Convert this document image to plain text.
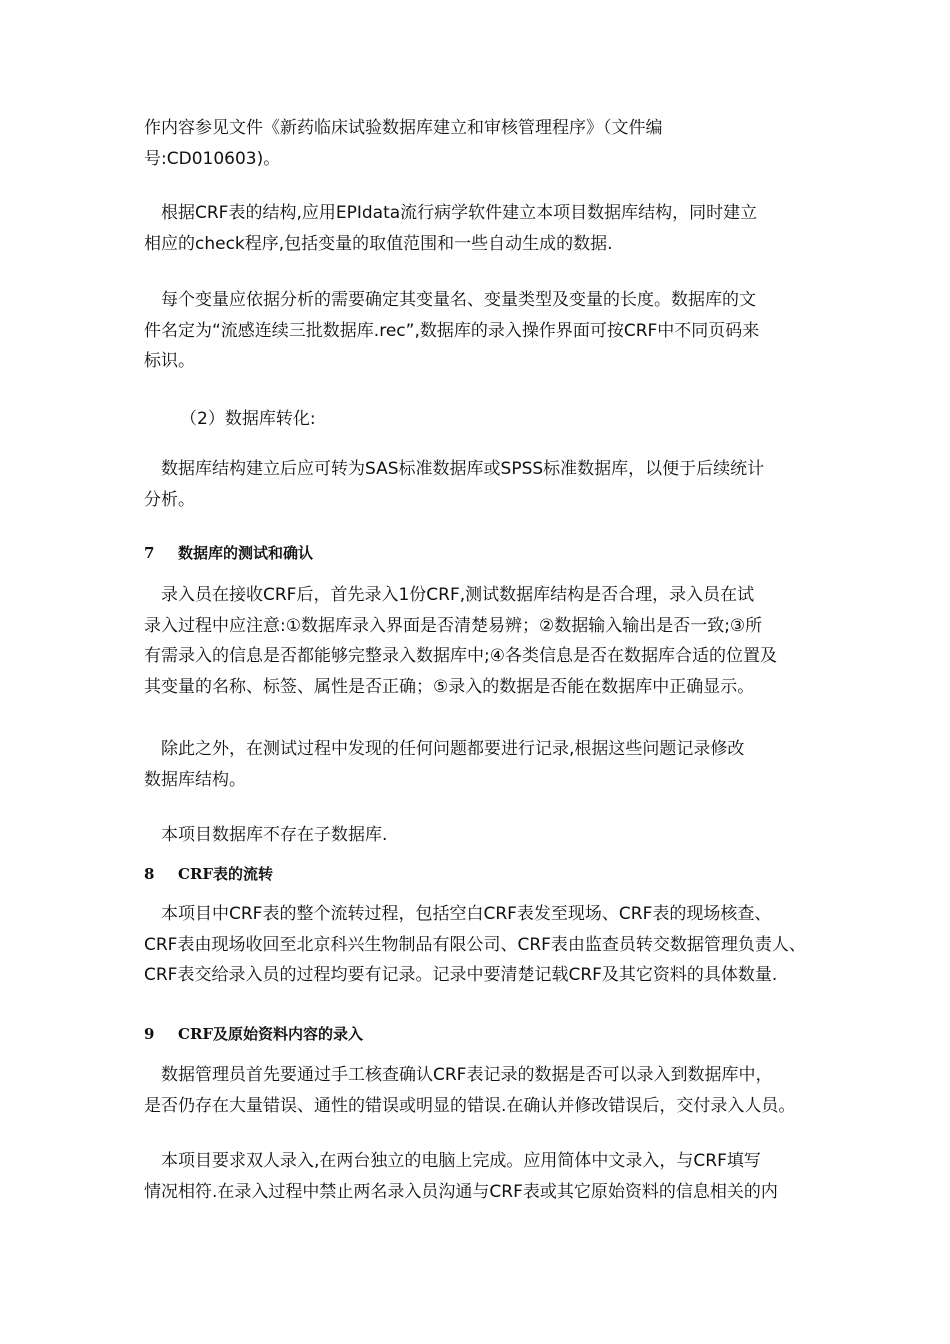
作内容参见文件《新药临床试验数据库建立和审核管理程序》（文件编
号:CD010603)。

　根据CRF表的结构,应用EPIdata流行病学软件建立本项目数据库结构，同时建立
相应的check程序,包括变量的取值范围和一些自动生成的数据.

　每个变量应依据分析的需要确定其变量名、变量类型及变量的长度。数据库的文
件名定为“流感连续三批数据库.rec”,数据库的录入操作界面可按CRF中不同页码来
标识。

（2）数据库转化:

　数据库结构建立后应可转为SAS标准数据库或SPSS标准数据库，以便于后续统计
分析。

7 数据库的测试和确认

　录入员在接收CRF后，首先录入1份CRF,测试数据库结构是否合理，录入员在试
录入过程中应注意:①数据库录入界面是否清楚易辨；②数据输入输出是否一致;③所
有需录入的信息是否都能够完整录入数据库中;④各类信息是否在数据库合适的位置及
其变量的名称、标签、属性是否正确；⑤录入的数据是否能在数据库中正确显示。

　除此之外，在测试过程中发现的任何问题都要进行记录,根据这些问题记录修改
数据库结构。

　本项目数据库不存在子数据库.

8 CRF表的流转

　本项目中CRF表的整个流转过程，包括空白CRF表发至现场、CRF表的现场核查、
CRF表由现场收回至北京科兴生物制品有限公司、CRF表由监查员转交数据管理负责人、
CRF表交给录入员的过程均要有记录。记录中要清楚记载CRF及其它资料的具体数量.

9 CRF及原始资料内容的录入

　数据管理员首先要通过手工核查确认CRF表记录的数据是否可以录入到数据库中，
是否仍存在大量错误、通性的错误或明显的错误.在确认并修改错误后，交付录入人员。

　本项目要求双人录入,在两台独立的电脑上完成。应用简体中文录入，与CRF填写
情况相符.在录入过程中禁止两名录入员沟通与CRF表或其它原始资料的信息相关的内
